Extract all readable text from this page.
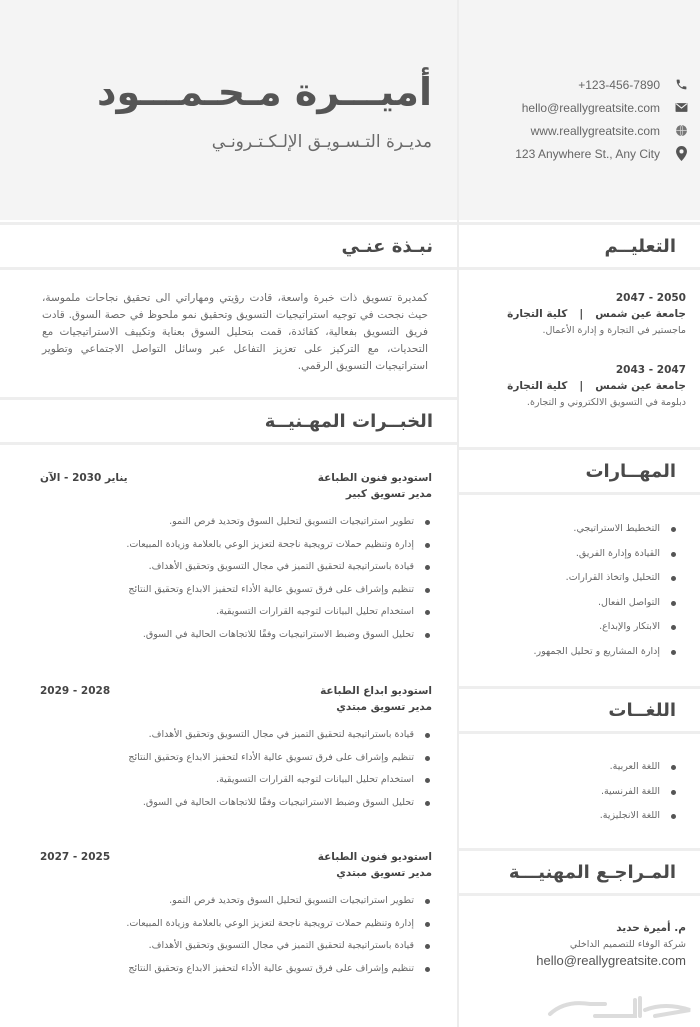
أميـــرة مـحـمـــود
مديـرة التـسـويـق الإلـكـتـرونـي
+123-456-7890
hello@reallygreatsite.com
www.reallygreatsite.com
123 Anywhere St., Any City
نبـذة عنـي
كمديرة تسويق ذات خبرة واسعة، قادت رؤيتي ومهاراتي الى تحقيق نجاحات ملموسة، حيث نجحت في توجيه استراتيجيات التسويق وتحقيق نمو ملحوظ في حصة السوق. قادت فريق التسويق بفعالية، كقائدة، قمت بتحليل السوق بعناية وتكييف الاستراتيجيات مع التحديات، مع التركيز على تعزيز التفاعل عبر وسائل التواصل الاجتماعي وتطوير استراتيجيات التسويق الرقمي.
الخبــرات المهـنيــة
استوديو فنون الطباعة
يناير 2030 - الآن
مدير تسويق كبير
تطوير استراتيجيات التسويق لتحليل السوق وتحديد فرص النمو.
إدارة وتنظيم حملات ترويجية ناجحة لتعزيز الوعي بالعلامة وزيادة المبيعات.
قيادة باستراتيجية لتحقيق التميز في مجال التسويق وتحقيق الأهداف.
تنظيم وإشراف على فرق تسويق عالية الأداء لتحفيز الابداع وتحقيق النتائج
استخدام تحليل البيانات لتوجيه القرارات التسويقية.
تحليل السوق وضبط الاستراتيجيات وفقًا للاتجاهات الحالية في السوق.
استوديو ابداع الطباعة
2028 - 2029
مدير تسويق مبتدي
قيادة باستراتيجية لتحقيق التميز في مجال التسويق وتحقيق الأهداف.
تنظيم وإشراف على فرق تسويق عالية الأداء لتحفيز الابداع وتحقيق النتائج
استخدام تحليل البيانات لتوجيه القرارات التسويقية.
تحليل السوق وضبط الاستراتيجيات وفقًا للاتجاهات الحالية في السوق.
استوديو فنون الطباعة
2025 - 2027
مدير تسويق مبتدي
تطوير استراتيجيات التسويق لتحليل السوق وتحديد فرص النمو.
إدارة وتنظيم حملات ترويجية ناجحة لتعزيز الوعي بالعلامة وزيادة المبيعات.
قيادة باستراتيجية لتحقيق التميز في مجال التسويق وتحقيق الأهداف.
تنظيم وإشراف على فرق تسويق عالية الأداء لتحفيز الابداع وتحقيق النتائج
التعليــم
2050 - 2047
جامعة عين شمس|كلية التجارة
ماجستير في التجارة و إدارة الأعمال.
2047 - 2043
جامعة عين شمس|كلية التجارة
دبلومة في التسويق الالكتروني و التجارة.
المهــارات
التخطيط الاستراتيجي.
القيادة وإدارة الفريق.
التحليل واتخاذ القرارات.
التواصل الفعال.
الابتكار والإبداع.
إدارة المشاريع و تحليل الجمهور.
اللغــات
اللغة العربية.
اللغة الفرنسية.
اللغة الانجليزية.
المـراجـع المهنيـــة
م. أميرة حديد
شركة الوفاء للتصميم الداخلي
hello@reallygreatsite.com
